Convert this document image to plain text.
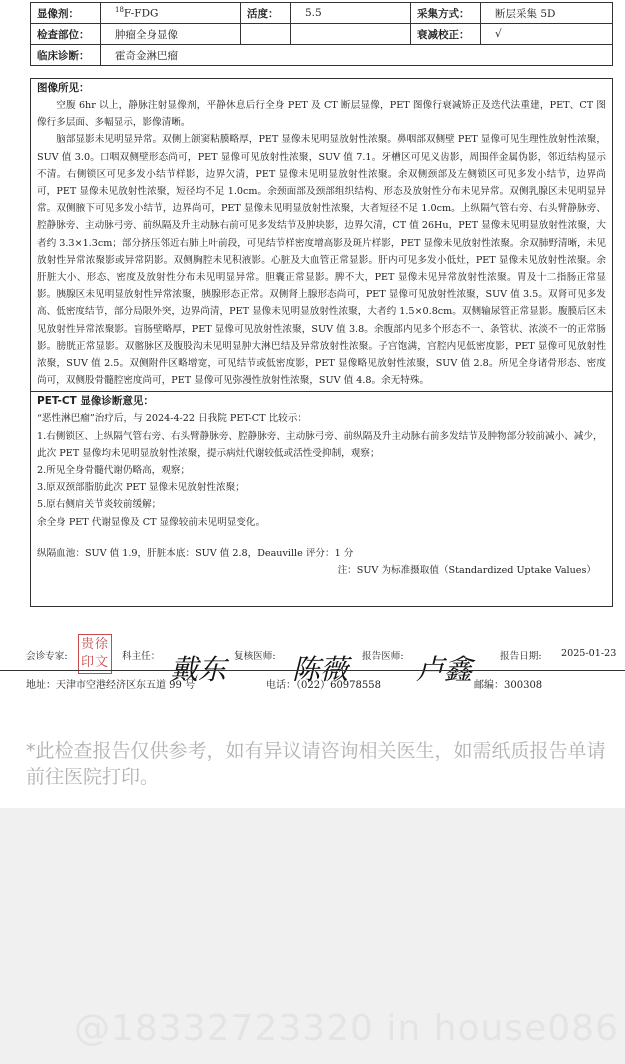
显像剂：	$^{18}$F-FDG	活度：	5.5	采集方式：	断层采集 5D
检查部位：	肿瘤全身显像			衰减校正：	√
临床诊断：	霍奇金淋巴瘤				
图像所见：

空腹 6hr 以上，静脉注射显像剂，平静休息后行全身 PET 及 CT 断层显像，PET 图像行衰减矫正及迭代法重建，PET、CT 图像行多层面、多幅显示，影像清晰。

脑部显影未见明显异常。双侧上颌窦粘膜略厚，PET 显像未见明显放射性浓聚。鼻咽部双侧壁 PET 显像可见生理性放射性浓聚，SUV 值 3.0。口咽双侧壁形态尚可，PET 显像可见放射性浓聚，SUV 值 7.1。牙槽区可见义齿影，周围伴金属伪影，邻近结构显示不清。右侧锁区可见多发小结节样影，边界欠清，PET 显像未见明显放射性浓聚。余双侧颈部及左侧锁区可见多发小结节，边界尚可，PET 显像未见放射性浓聚，短径均不足 1.0cm。余颈面部及颈部组织结构、形态及放射性分布未见异常。双侧乳腺区未见明显异常。双侧腋下可见多发小结节，边界尚可，PET 显像未见明显放射性浓聚，大者短径不足 1.0cm。上纵隔气管右旁、右头臂静脉旁、腔静脉旁、主动脉弓旁、前纵隔及升主动脉右前可见多发结节及肿块影，边界欠清，CT 值 26Hu，PET 显像未见明显放射性浓聚，大者约 3.3×1.3cm；部分挤压邻近右肺上叶前段，可见结节样密度增高影及斑片样影，PET 显像未见放射性浓聚。余双肺野清晰，未见放射性异常浓聚影或异常阴影。双侧胸腔未见积液影。心脏及大血管正常显影。肝内可见多发小低灶，PET 显像未见放射性浓聚。余肝脏大小、形态、密度及放射性分布未见明显异常。胆囊正常显影。脾不大，PET 显像未见异常放射性浓聚。胃及十二指肠正常显影。胰腺区未见明显放射性异常浓聚，胰腺形态正常。双侧肾上腺形态尚可，PET 显像可见放射性浓聚，SUV 值 3.5。双肾可见多发高、低密度结节，部分局限外突，边界尚清，PET 显像未见明显放射性浓聚，大者约 1.5×0.8cm。双侧输尿管正常显影。腹膜后区未见放射性异常浓聚影。盲肠壁略厚，PET 显像可见放射性浓聚，SUV 值 3.8。余腹部内见多个形态不一、条管状、浓淡不一的正常肠影。膀胱正常显影。双髂脉区及腹股沟未见明显肿大淋巴结及异常放射性浓聚。子宫饱满，宫腔内见低密度影，PET 显像可见放射性浓聚，SUV 值 2.5。双侧附件区略增宽，可见结节或低密度影，PET 显像略见放射性浓聚，SUV 值 2.8。所见全身诸骨形态、密度尚可，双侧股骨髓腔密度尚可，PET 显像可见弥漫性放射性浓聚，SUV 值 4.8。余无特殊。

PET-CT 显像诊断意见：
“恶性淋巴瘤”治疗后，与 2024-4-22 日我院 PET-CT 比较示：
1.右侧锁区、上纵隔气管右旁、右头臂静脉旁、腔静脉旁、主动脉弓旁、前纵隔及升主动脉右前多发结节及肿物部分较前减小、减少，此次 PET 显像均未见明显放射性浓聚，提示病灶代谢较低或活性受抑制，观察；
2.所见全身骨髓代谢仍略高，观察；
3.原双颈部脂肪此次 PET 显像未见放射性浓聚；
5.原右侧肩关节炎较前缓解；
余全身 PET 代谢显像及 CT 显像较前未见明显变化。
纵隔血池：SUV 值 1.9，肝脏本底：SUV 值 2.8，Deauville 评分：1 分
注：SUV 为标准摄取值（Standardized Uptake Values）
会诊专家:
贵徐印文	科主任： 戴东 复核医师: 陈薇 报告医师: 卢鑫	报告日期: 2025-01-23
地址：天津市空港经济区东五道 99 号	电话：（022）60978558	邮编：300308
*此检查报告仅供参考，如有异议请咨询相关医生，如需纸质报告单请前往医院打印。
@18332723320 in house086
